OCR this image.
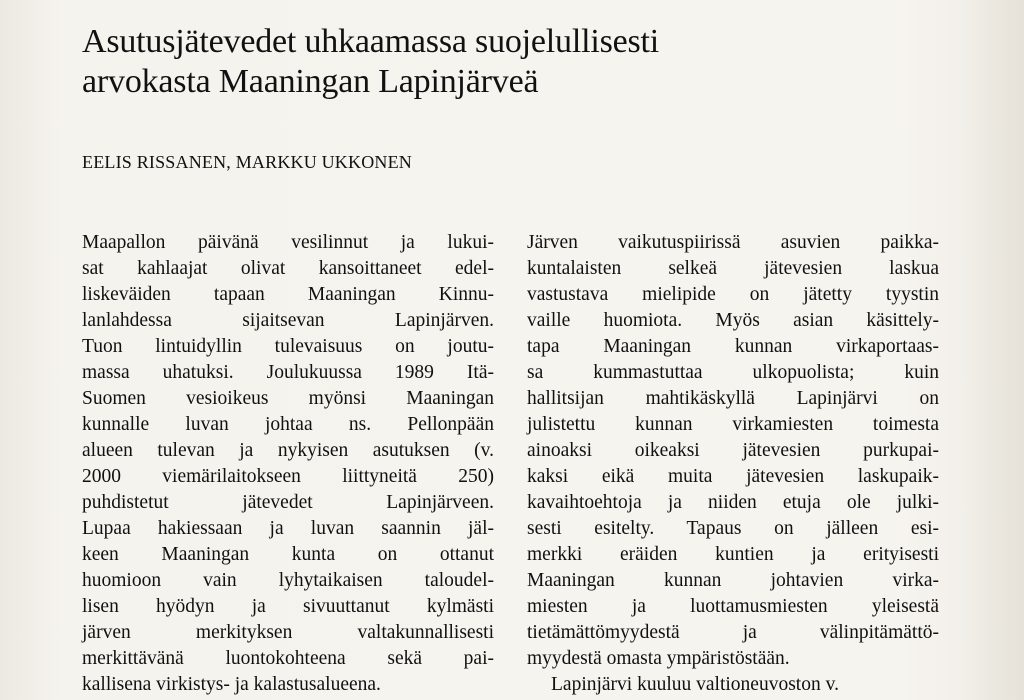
Asutusjätevedet uhkaamassa suojelullisesti
arvokasta Maaningan Lapinjärveä
EELIS RISSANEN, MARKKU UKKONEN
Maapallon päivänä vesilinnut ja lukui-
sat kahlaajat olivat kansoittaneet edel-
liskeväiden tapaan Maaningan Kinnu-
lanlahdessa sijaitsevan Lapinjärven.
Tuon lintuidyllin tulevaisuus on joutu-
massa uhatuksi. Joulukuussa 1989 Itä-
Suomen vesioikeus myönsi Maaningan
kunnalle luvan johtaa ns. Pellonpään
alueen tulevan ja nykyisen asutuksen (v.
2000 viemärilaitokseen liittyneitä 250)
puhdistetut jätevedet Lapinjärveen.
Lupaa hakiessaan ja luvan saannin jäl-
keen Maaningan kunta on ottanut
huomioon vain lyhytaikaisen taloudel-
lisen hyödyn ja sivuuttanut kylmästi
järven merkityksen valtakunnallisesti
merkittävänä luontokohteena sekä pai-
kallisena virkistys- ja kalastusalueena.
Järven vaikutuspiirissä asuvien paikka-
kuntalaisten selkeä jätevesien laskua
vastustava mielipide on jätetty tyystin
vaille huomiota. Myös asian käsittely-
tapa Maaningan kunnan virkaportaas-
sa kummastuttaa ulkopuolista; kuin
hallitsijan mahtikäskyllä Lapinjärvi on
julistettu kunnan virkamiesten toimesta
ainoaksi oikeaksi jätevesien purkupai-
kaksi eikä muita jätevesien laskupaik-
kavaihtoehtoja ja niiden etuja ole julki-
sesti esitelty. Tapaus on jälleen esi-
merkki eräiden kuntien ja erityisesti
Maaningan kunnan johtavien virka-
miesten ja luottamusmiesten yleisestä
tietämättömyydestä ja välinpitämättö-
myydestä omasta ympäristöstään.
Lapinjärvi kuuluu valtioneuvoston v.
